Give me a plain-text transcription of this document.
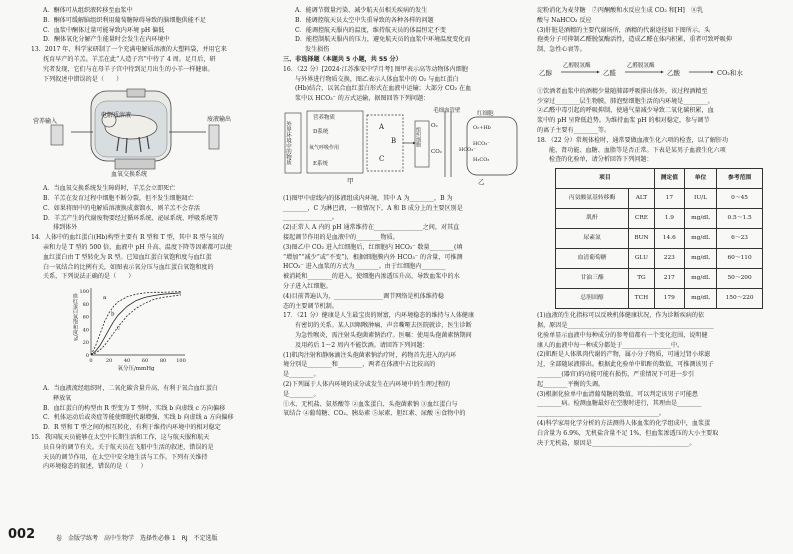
A．酮体可从组织液转移至血浆中

B．酮体可缓解脑组织利用葡萄糖障碍导致的脑细胞供能不足

C．血浆中酮体过量可能导致内环境 pH 偏低

D．酮体氧化分解产生能量时会发生在内环境中

13．2017 年，科学家研制了一个充满电解质溶液的大塑料袋，并用它来

抚育早产的羊羔。羊羔在此“人造子宫”中待了 4 周。足月后，研

究者发现，它们与在母羊子宫中待到足月出生的小羊一样健康。

下列叙述中错误的是（　　）

营养输入
电解质溶液
废液输出
血氧交换系统

A．当血氧交换系统发生障碍时，羊羔会立即死亡

B．羊羔在发育过程中细胞不断分裂，但不发生细胞凋亡

C．如果将图中的电解质溶液换成蒸馏水，则羊羔不会存活

D．羊羔产生的代谢废物要经过循环系统、泌尿系统、呼吸系统等

排到体外

14．人体中的血红蛋白(Hb)构型主要有 R 型和 T 型，其中 R 型与氧的

亲和力是 T 型的 500 倍，血液中 pH 升高、温度下降等因素都可以使

血红蛋白由 T 型转化为 R 型。已知血红蛋白氧饱和度与血红蛋

白一氧结合的比例有关，如图表示氧分压与血红蛋白氧饱和度的

关系，下列说法正确的是（　　）

0	20 40 60 80 100
0
20
40
60
80
100
氧分压/mmHg
血红蛋白氧饱和度/%	a
b
c

A．当血液流经组织时，二氧化碳含量升高，有利于氧合血红蛋白

释放氧

B．血红蛋白的构型由 R 型变为 T 型时，实线 b 向虚线 c 方向偏移

C．机体运动后或炎症等能使细胞代谢增强，实线 b 向虚线 a 方向偏移

D．R 型和 T 型之间的相互转化，有利于维持内环境中的相对稳定

15．我国航天员能够在太空中长期生活和工作，这与航天服和航天

员自身的调节有关。关于航天员在飞船中生活的叙述，错误的是

天员的调节作用，在太空中安全地生活与工作。下列有关维持

内环境稳态的叙述，错误的是（　　）

A．能调节微量污染、减少航天员相关疾病的发生

B．能调控航天员太空中失重导致的各种各样的问题

C．能调控航天服内的温度，维持航天员的体温恒定不变

D．能控制航天服内的压力，避免航天员的血浆中环境温度变化而

发生损伤

三、非选择题（本题共 5 小题，共 55 分）

16．（22 分）[2024·江苏淮安中学月考] 图甲表示高等动物体内细胞

与外界进行物质交换，图乙表示人体血浆中的 O₂ 与血红蛋白

(Hb)结合，以氧合血红蛋白形式在血液中运输；大部分 CO₂ 在血

浆中以 HCO₃⁻ 的方式运输，据图回答下列问题：

外界环境中的物质
营养物质
D系统
E系统
氧气呼吸作用
A
B
C
组织细胞
甲
毛细血管壁
O₂
CO₂
红细胞
O₂+Hb
HCO₃⁻
H₂CO₃
HCO₃⁻
乙

(1)图甲中虚线内的体液组成内环境，其中 A 为________，B 为

________，C 为淋巴液，一般情况下，A 和 B 成分上的主要区别是

________________。

(2)正常人 A 内的 pH 通常维持在________________之间，对其直

接起调节作用的是血液中的________物质。

(3)图乙中 CO₂ 进入红细胞后，红细胞内 HCO₃⁻ 数量________(填

“增加”“减少”或“不变”)，根据细胞膜内外 HCO₃⁻ 的含量，可推测

HCO₃⁻ 进入血浆的方式为________。由于红细胞内________

被消耗和________的进入，使细胞内渗透压升高，导致血浆中的水

分子进入红细胞。

(4)目前普遍认为，________________调节网络是机体维持稳

态的主要调节机制。

17．（21 分）健康是人生最宝贵的财富，内环境稳态的维持与人体健康

有密切的关系。某人因咽喉肿痛、声音嘶哑去医院就诊，医生诊断

为急性喉炎，需注射头孢菌素钠治疗。医嘱：使用头孢菌素钠期间

及用药后 1～2 周内不能饮酒。请回答下列问题：

(1)肌肉注射和静脉滴注头孢菌素钠治疗时，药物首先进入的内环

境分别是________和________，两者在体液中占比较高的

是________。

(2)下列属于人体内环境的成分或发生在内环境中的生理过程的

是________。

①水、无机盐、氨基酸等 ②血浆蛋白、头孢菌素钠 ③血红蛋白与

氧结合 ④葡萄糖、CO₂、胰岛素 ⑤尿素、胆红素、尿酸 ⑥食物中的

淀粉消化为麦芽糖　⑦丙酮酸和水反应生成 CO₂ 和[H]　⑧乳

酸与 NaHCO₃ 反应

(3)肝脏是酒精的主要代谢场所，酒精的代谢途径如下图所示。头

孢类分子可抑制乙醛脱氢酶活性，造成乙醛在体内积累，重者可致呼吸抑

制、急性心衰等。

乙醇
乙醇脱氢酶
乙醛
乙醛脱氢酶
乙酸	CO₂和水

①饮酒者血浆中的酒精少量随肺部呼吸排出体外，该过程酒精至

少穿过________层生物膜，肺泡壁细胞生活的内环境是________。

②乙醛中毒引起的呼吸抑制，使通气量减少导致二氧化碳积累，血

浆中的 pH 呈降低趋势。为维持血浆 pH 的相对稳定，参与调节

的离子主要有________等。

18．（22 分）常规体检时，通常要做血液生化六项的检查，以了解肝功

能、肾功能、血糖、血脂等是否正常。下表是某男子血液生化六项

检查的化验单，请分析回答下列问题：

项目		测定值	单位	参考范围
丙氨酸氨基转移酶	ALT	17	IU/L	0～45
肌酐	CRE	1.9	mg/dL	0.5～1.5
尿素氮	BUN	14.6	mg/dL	6～23
血清葡萄糖	GLU	223	mg/dL	60～110
甘油三酯	TG	217	mg/dL	50～200
总胆固醇	TCH	179	mg/dL	150～220

(1)血液的生化指标可以反映机体健康状况，作为诊断疾病的依

据，原因是________________________________________________

化验单显示血液中每种成分的参考值都有一个变化范围，说明健

康人的血液中每一种成分都处于________________中。

(2)肌酐是人体肌肉代谢的产物，属小分子物质，可通过肾小球滤

过，全部随尿液排出。根据此化验单中肌酐的数值，可推测该男子

________(器官)的功能可能有损伤，严重情况下可进一步引

起________平衡的失调。

(3)根据化验单中血清葡萄糖的数值，可以判定该男子可能患

________病。检测血糖最好在空腹时进行，其理由是________

________________________________________。

(4)科学家用化学分析的方法测得人体血浆的化学组成中，血浆蛋

白含量为 6.9%，无机盐含量不足 1%，但血浆渗透压的大小主要取

决于无机盐，原因是________________________________。

002	卷　金版学练考　高中生物学　选择性必修 1　RJ　不定选版
